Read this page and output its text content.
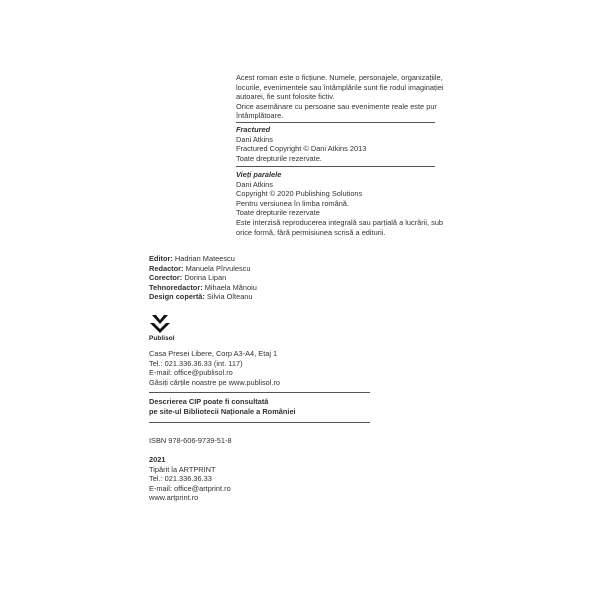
Acest roman este o ficțiune. Numele, personajele, organizațiile,
locurile, evenimentele sau întâmplările sunt fie rodul imaginației
autoarei, fie sunt folosite fictiv.
Orice asemănare cu persoane sau evenimente reale este pur
întâmplătoare.
Fractured
Dani Atkins
Fractured Copyright © Dani Atkins 2013
Toate drepturile rezervate.
Vieți paralele
Dani Atkins
Copyright © 2020 Publishing Solutions
Pentru versiunea în limba română.
Toate drepturile rezervate
Este interzisă reproducerea integrală sau parțială a lucrării, sub
orice formă, fără permisiunea scrisă a editurii.
Editor: Hadrian Mateescu
Redactor: Manuela Pîrvulescu
Corector: Dorina Lipan
Tehnoredactor: Mihaela Mănoiu
Design copertă: Silvia Olteanu
Publisol
Casa Presei Libere, Corp A3-A4, Etaj 1
Tel.: 021.336.36.33 (int. 117)
E-mail: office@publisol.ro
Găsiți cărțile noastre pe www.publisol.ro
Descrierea CIP poate fi consultată
pe site-ul Bibliotecii Naționale a României
ISBN 978-606-9739-51-8
2021
Tipărit la ARTPRINT
Tel.: 021.336.36.33
E-mail: office@artprint.ro
www.artprint.ro
